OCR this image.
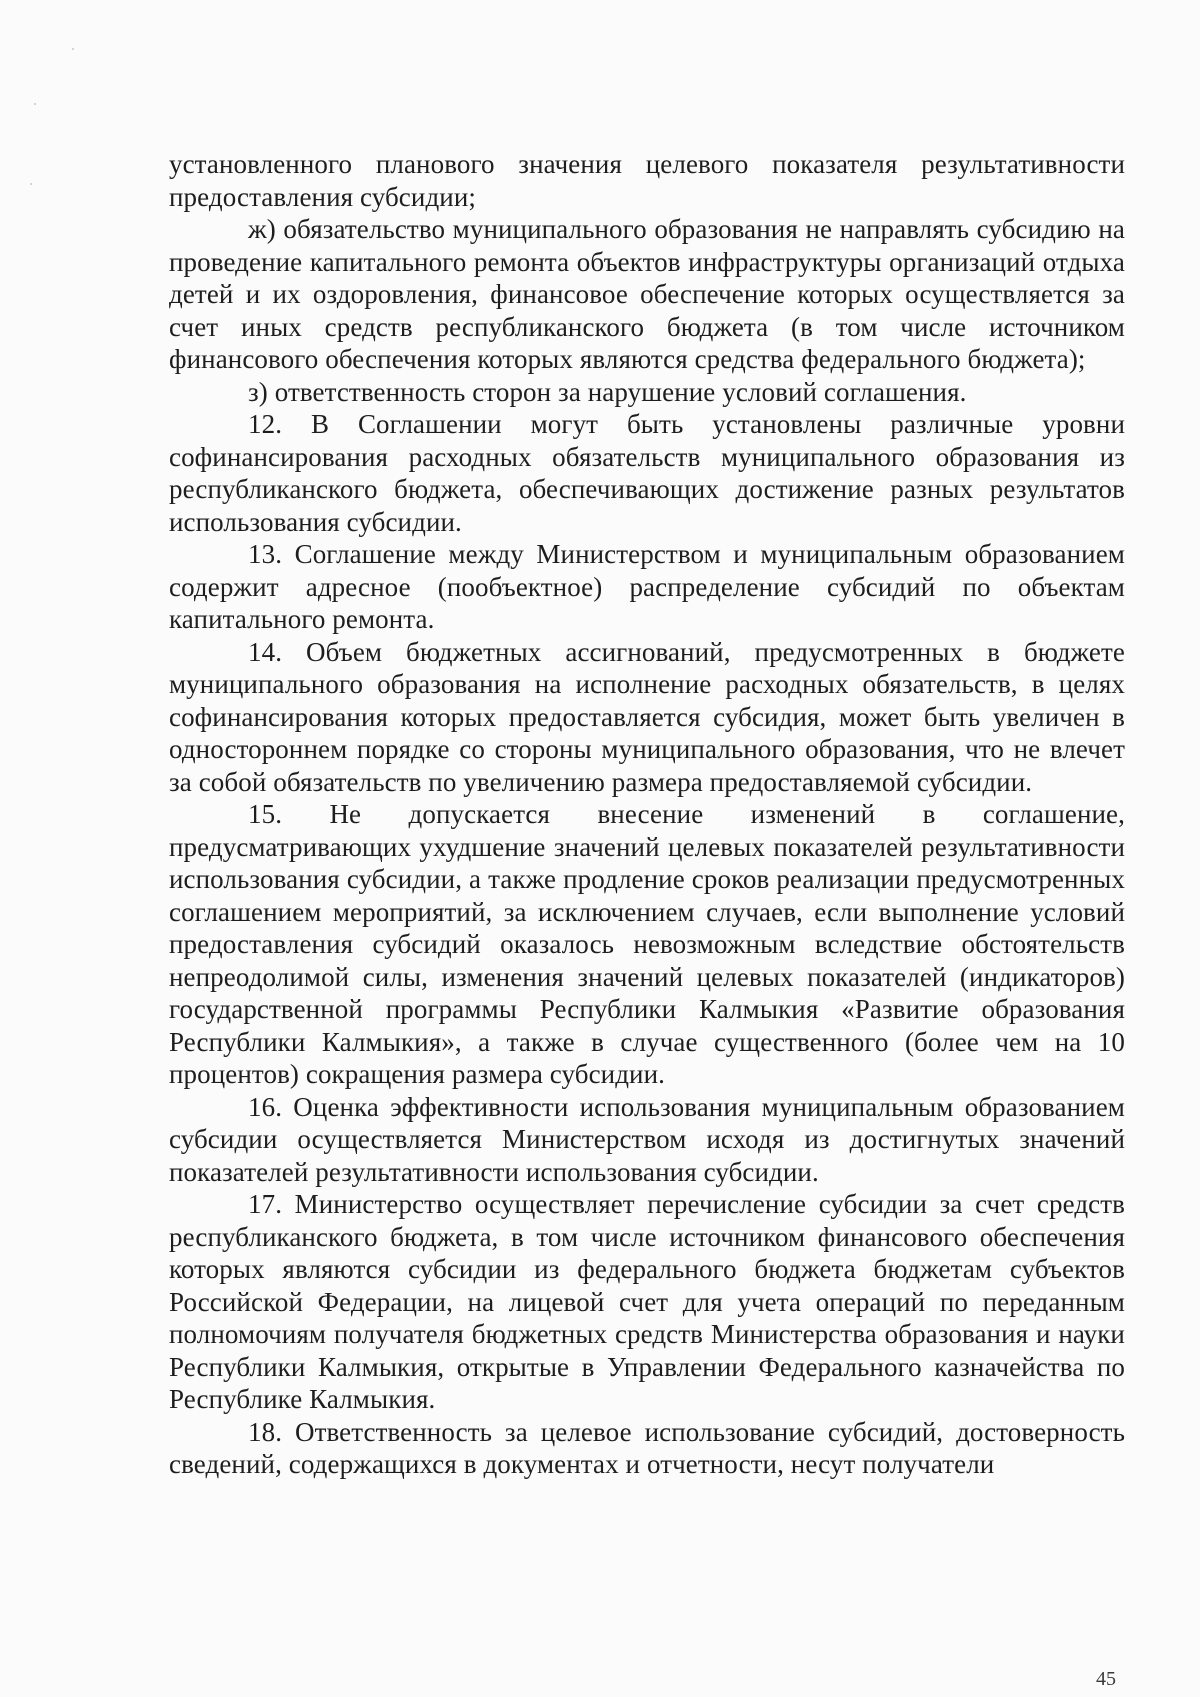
установленного планового значения целевого показателя результативности предоставления субсидии;

ж) обязательство муниципального образования не направлять субсидию на проведение капитального ремонта объектов инфраструктуры организаций отдыха детей и их оздоровления, финансовое обеспечение которых осуществляется за счет иных средств республиканского бюджета (в том числе источником финансового обеспечения которых являются средства федерального бюджета);

з) ответственность сторон за нарушение условий соглашения.

12. В Соглашении могут быть установлены различные уровни софинансирования расходных обязательств муниципального образования из республиканского бюджета, обеспечивающих достижение разных результатов использования субсидии.

13. Соглашение между Министерством и муниципальным образованием содержит адресное (пообъектное) распределение субсидий по объектам капитального ремонта.

14. Объем бюджетных ассигнований, предусмотренных в бюджете муниципального образования на исполнение расходных обязательств, в целях софинансирования которых предоставляется субсидия, может быть увеличен в одностороннем порядке со стороны муниципального образования, что не влечет за собой обязательств по увеличению размера предоставляемой субсидии.

15. Не допускается внесение изменений в соглашение, предусматривающих ухудшение значений целевых показателей результативности использования субсидии, а также продление сроков реализации предусмотренных соглашением мероприятий, за исключением случаев, если выполнение условий предоставления субсидий оказалось невозможным вследствие обстоятельств непреодолимой силы, изменения значений целевых показателей (индикаторов) государственной программы Республики Калмыкия «Развитие образования Республики Калмыкия», а также в случае существенного (более чем на 10 процентов) сокращения размера субсидии.

16. Оценка эффективности использования муниципальным образованием субсидии осуществляется Министерством исходя из достигнутых значений показателей результативности использования субсидии.

17. Министерство осуществляет перечисление субсидии за счет средств республиканского бюджета, в том числе источником финансового обеспечения которых являются субсидии из федерального бюджета бюджетам субъектов Российской Федерации, на лицевой счет для учета операций по переданным полномочиям получателя бюджетных средств Министерства образования и науки Республики Калмыкия, открытые в Управлении Федерального казначейства по Республике Калмыкия.

18. Ответственность за целевое использование субсидий, достоверность сведений, содержащихся в документах и отчетности, несут получатели

45
